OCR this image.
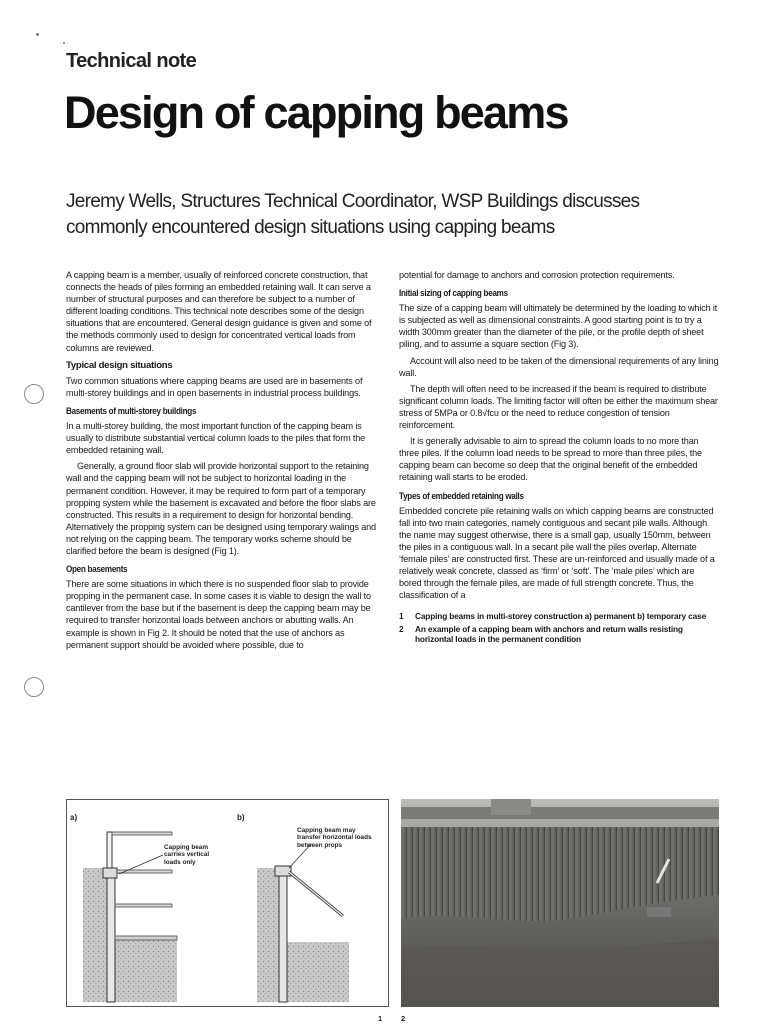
Technical note
Design of capping beams

Jeremy Wells, Structures Technical Coordinator, WSP Buildings discusses commonly encountered design situations using capping beams

A capping beam is a member, usually of reinforced concrete construction, that connects the heads of piles forming an embedded retaining wall. It can serve a number of structural purposes and can therefore be subject to a number of different loading conditions. This technical note describes some of the design situations that are encountered. General design guidance is given and some of the methods commonly used to design for concentrated vertical loads from columns are reviewed.

Typical design situations

Two common situations where capping beams are used are in basements of multi-storey buildings and in open basements in industrial process buildings.

Basements of multi-storey buildings

In a multi-storey building, the most important function of the capping beam is usually to distribute substantial vertical column loads to the piles that form the embedded retaining wall.

Generally, a ground floor slab will provide horizontal support to the retaining wall and the capping beam will not be subject to horizontal loading in the permanent condition. However, it may be required to form part of a temporary propping system while the basement is excavated and before the floor slabs are constructed. This results in a requirement to design for horizontal bending. Alternatively the propping system can be designed using temporary walings and not relying on the capping beam. The temporary works scheme should be clarified before the beam is designed (Fig 1).

Open basements

There are some situations in which there is no suspended floor slab to provide propping in the permanent case. In some cases it is viable to design the wall to cantilever from the base but if the basement is deep the capping beam may be required to transfer horizontal loads between anchors or abutting walls. An example is shown in Fig 2. It should be noted that the use of anchors as permanent support should be avoided where possible, due to

potential for damage to anchors and corrosion protection requirements.

Initial sizing of capping beams

The size of a capping beam will ultimately be determined by the loading to which it is subjected as well as dimensional constraints. A good starting point is to try a width 300mm greater than the diameter of the pile, or the profile depth of sheet piling, and to assume a square section (Fig 3).

Account will also need to be taken of the dimensional requirements of any lining wall.

The depth will often need to be increased if the beam is required to distribute significant column loads. The limiting factor will often be either the maximum shear stress of 5MPa or 0.8√fcu or the need to reduce congestion of tension reinforcement.

It is generally advisable to aim to spread the column loads to no more than three piles. If the column load needs to be spread to more than three piles, the capping beam can become so deep that the original benefit of the embedded retaining wall starts to be eroded.

Types of embedded retaining walls

Embedded concrete pile retaining walls on which capping beams are constructed fall into two main categories, namely contiguous and secant pile walls. Although the name may suggest otherwise, there is a small gap, usually 150mm, between the piles in a contiguous wall. In a secant pile wall the piles overlap. Alternate ‘female piles’ are constructed first. These are un-reinforced and usually made of a relatively weak concrete, classed as ‘firm’ or ‘soft’. The ‘male piles’ which are bored through the female piles, are made of full strength concrete. Thus, the classification of a

1 Capping beams in multi-storey construction a) permanent b) temporary case
2 An example of a capping beam with anchors and return walls resisting horizontal loads in the permanent condition
a)	b)
Capping beam carries vertical loads only
Capping beam may transfer horizontal loads between props
1	2
